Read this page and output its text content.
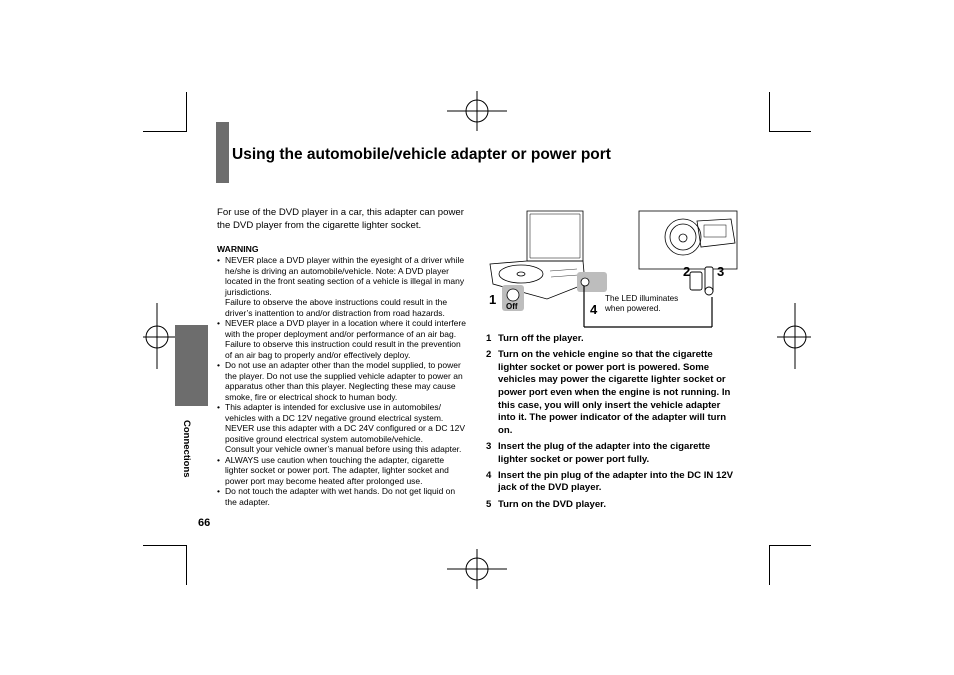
Using the automobile/vehicle adapter or power port
Connections

For use of the DVD player in a car, this adapter can power the DVD player from the cigarette lighter socket.

WARNING
• NEVER place a DVD player within the eyesight of a driver while he/she is driving an automobile/vehicle. Note: A DVD player located in the front seating section of a vehicle is illegal in many jurisdictions.
Failure to observe the above instructions could result in the driver’s inattention to and/or distraction from road hazards.
• NEVER place a DVD player in a location where it could interfere with the proper deployment and/or performance of an air bag.
Failure to observe this instruction could result in the prevention of an air bag to properly and/or effectively deploy.
• Do not use an adapter other than the model supplied, to power the player. Do not use the supplied vehicle adapter to power an apparatus other than this player. Neglecting these may cause smoke, fire or electrical shock to human body.
• This adapter is intended for exclusive use in automobiles/ vehicles with a DC 12V negative ground electrical system. NEVER use this adapter with a DC 24V configured or a DC 12V positive ground electrical system automobile/vehicle.
Consult your vehicle owner’s manual before using this adapter.
• ALWAYS use caution when touching the adapter, cigarette lighter socket or power port. The adapter, lighter socket and power port may become heated after prolonged use.
• Do not touch the adapter with wet hands. Do not get liquid on the adapter.
66
1 Off	4
The LED illuminates
when powered.
2 3
1 Turn off the player.
2 Turn on the vehicle engine so that the cigarette lighter socket or power port is powered. Some vehicles may power the cigarette lighter socket or power port even when the engine is not running. In this case, you will only insert the vehicle adapter into it. The power indicator of the adapter will turn on.
3 Insert the plug of the adapter into the cigarette lighter socket or power port fully.
4 Insert the pin plug of the adapter into the DC IN 12V jack of the DVD player.
5 Turn on the DVD player.
